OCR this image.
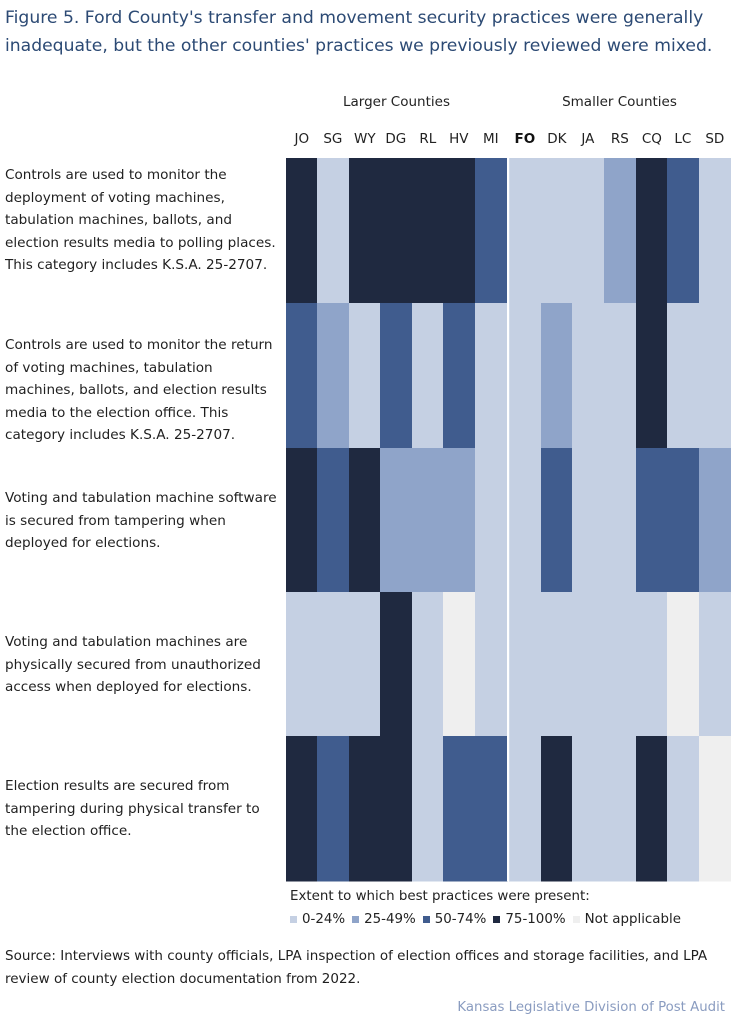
Figure 5. Ford County's transfer and movement security practices were generally inadequate, but the other counties' practices we previously reviewed were mixed.
Larger Counties	Smaller Counties
JO SG WY DG RL HV MI FO DK JA RS CQ LC SD
Controls are used to monitor the deployment of voting machines, tabulation machines, ballots, and election results media to polling places. This category includes K.S.A. 25-2707.
Controls are used to monitor the return of voting machines, tabulation machines, ballots, and election results media to the election office. This category includes K.S.A. 25-2707.
Voting and tabulation machine software is secured from tampering when deployed for elections.
Voting and tabulation machines are physically secured from unauthorized access when deployed for elections.
Election results are secured from tampering during physical transfer to the election office.
Extent to which best practices were present:
0-24% 25-49% 50-74% 75-100% Not applicable
Source: Interviews with county officials, LPA inspection of election offices and storage facilities, and LPA review of county election documentation from 2022.
Kansas Legislative Division of Post Audit
